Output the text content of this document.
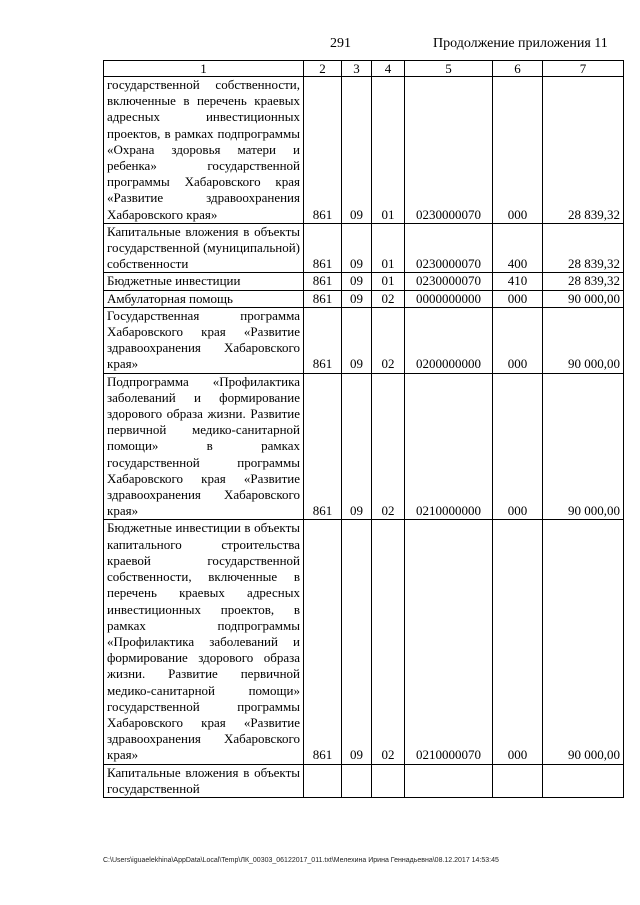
291	Продолжение приложения 11
1	2	3	4	5	6	7
государственной собственности, включенные в перечень краевых адресных инвестиционных проектов, в рамках подпрограммы «Охрана здоровья матери и ребенка» государственной программы Хабаровского края «Развитие здравоохранения Хабаровского края»	861	09	01	0230000070	000	28 839,32
Капитальные вложения в объекты государственной (муниципальной) собственности	861	09	01	0230000070	400	28 839,32
Бюджетные инвестиции	861	09	01	0230000070	410	28 839,32
Амбулаторная помощь	861	09	02	0000000000	000	90 000,00
Государственная программа Хабаровского края «Развитие здравоохранения Хабаровского края»	861	09	02	0200000000	000	90 000,00
Подпрограмма «Профилактика заболеваний и формирование здорового образа жизни. Развитие первичной медико-санитарной помощи» в рамках государственной программы Хабаровского края «Развитие здравоохранения Хабаровского края»	861	09	02	0210000000	000	90 000,00
Бюджетные инвестиции в объекты капитального строительства краевой государственной собственности, включенные в перечень краевых адресных инвестиционных проектов, в рамках подпрограммы «Профилактика заболеваний и формирование здорового образа жизни. Развитие первичной медико-санитарной помощи» государственной программы Хабаровского края «Развитие здравоохранения Хабаровского края»	861	09	02	0210000070	000	90 000,00
Капитальные вложения в объекты государственной						
C:\Users\iguaelekhina\AppData\Local\Temp\ЛК_00303_06122017_011.txt\Мелехина Ирина Геннадьевна\08.12.2017 14:53:45
